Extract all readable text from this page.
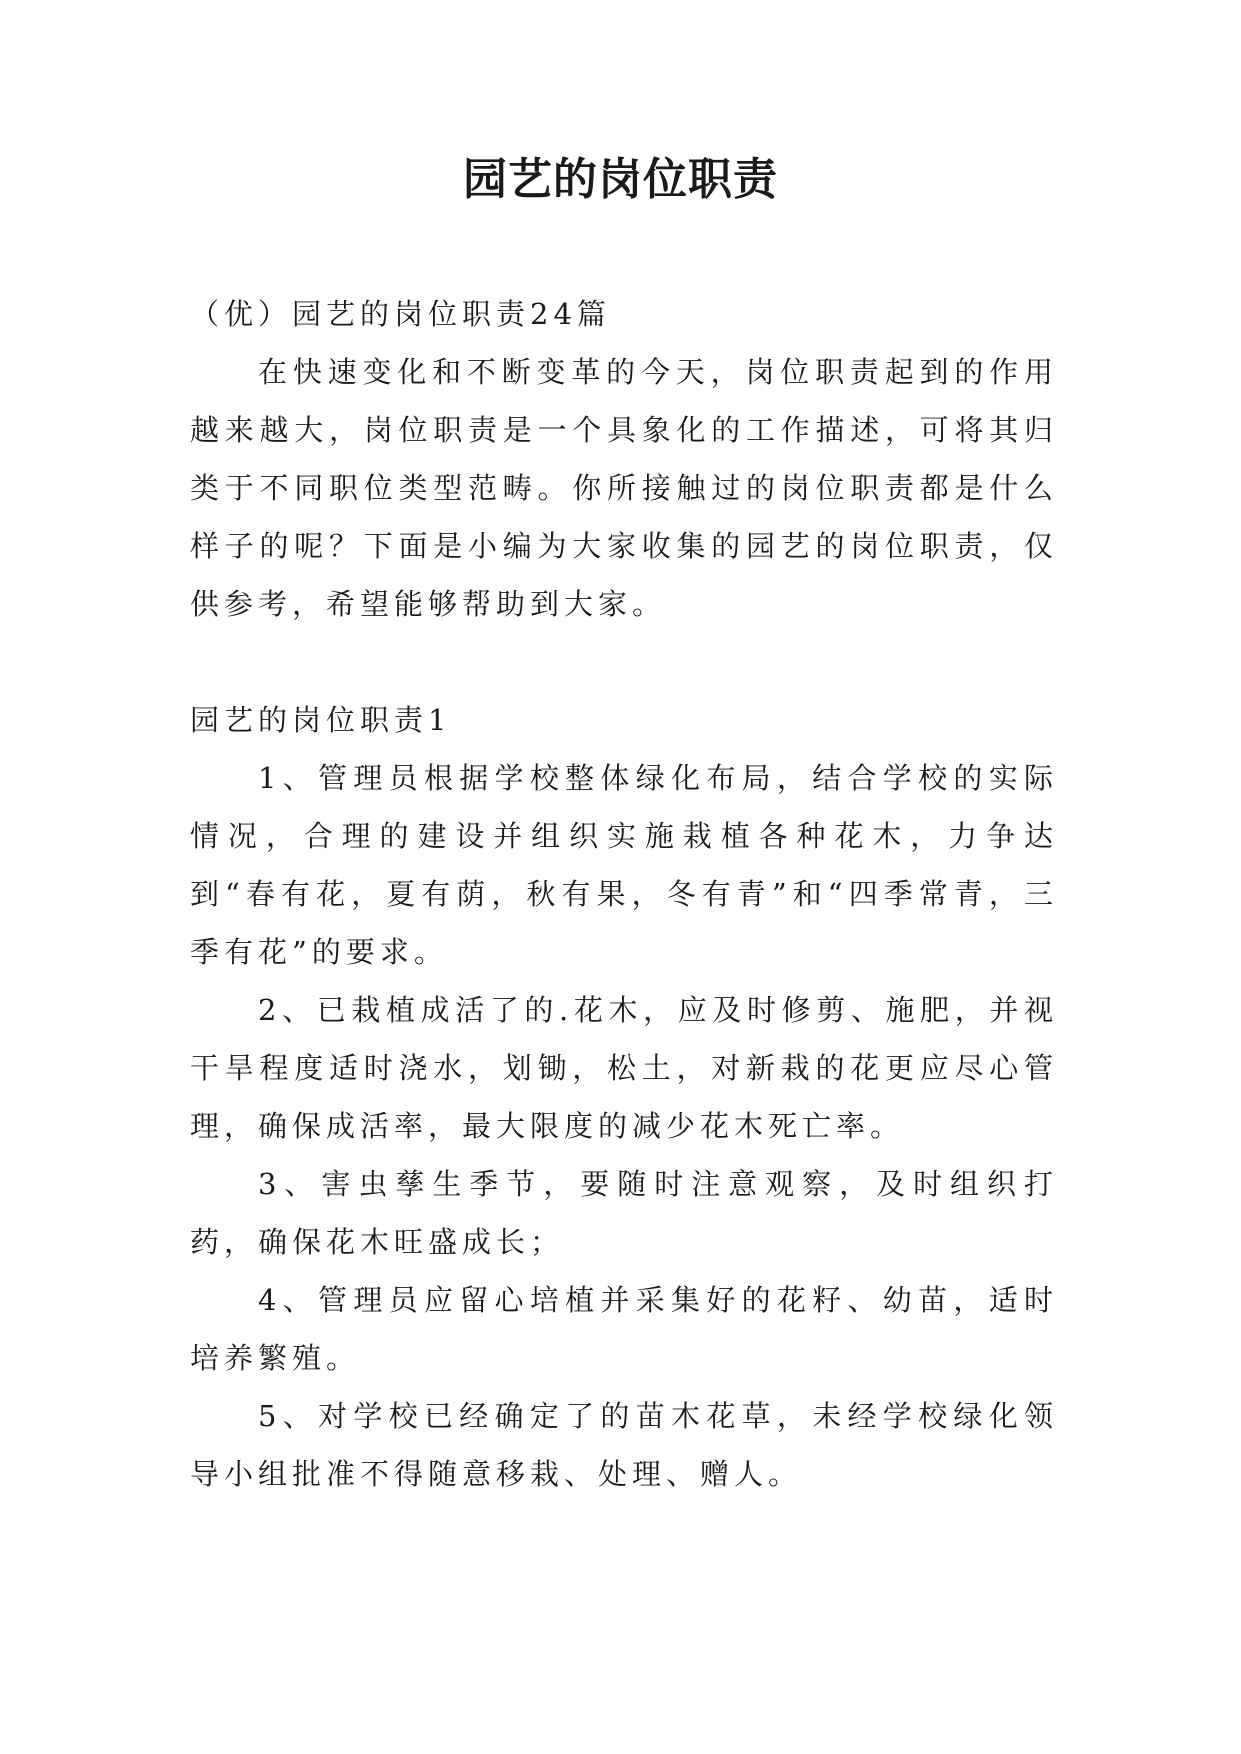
园艺的岗位职责

（优）园艺的岗位职责24篇

在快速变化和不断变革的今天，岗位职责起到的作用越来越大，岗位职责是一个具象化的工作描述，可将其归类于不同职位类型范畴。你所接触过的岗位职责都是什么样子的呢？下面是小编为大家收集的园艺的岗位职责，仅供参考，希望能够帮助到大家。

园艺的岗位职责1

1、管理员根据学校整体绿化布局，结合学校的实际情况，合理的建设并组织实施栽植各种花木，力争达到“春有花，夏有荫，秋有果，冬有青”和“四季常青，三季有花”的要求。

2、已栽植成活了的.花木，应及时修剪、施肥，并视干旱程度适时浇水，划锄，松土，对新栽的花更应尽心管理，确保成活率，最大限度的减少花木死亡率。

3、害虫孳生季节，要随时注意观察，及时组织打药，确保花木旺盛成长；

4、管理员应留心培植并采集好的花籽、幼苗，适时培养繁殖。

5、对学校已经确定了的苗木花草，未经学校绿化领导小组批准不得随意移栽、处理、赠人。
